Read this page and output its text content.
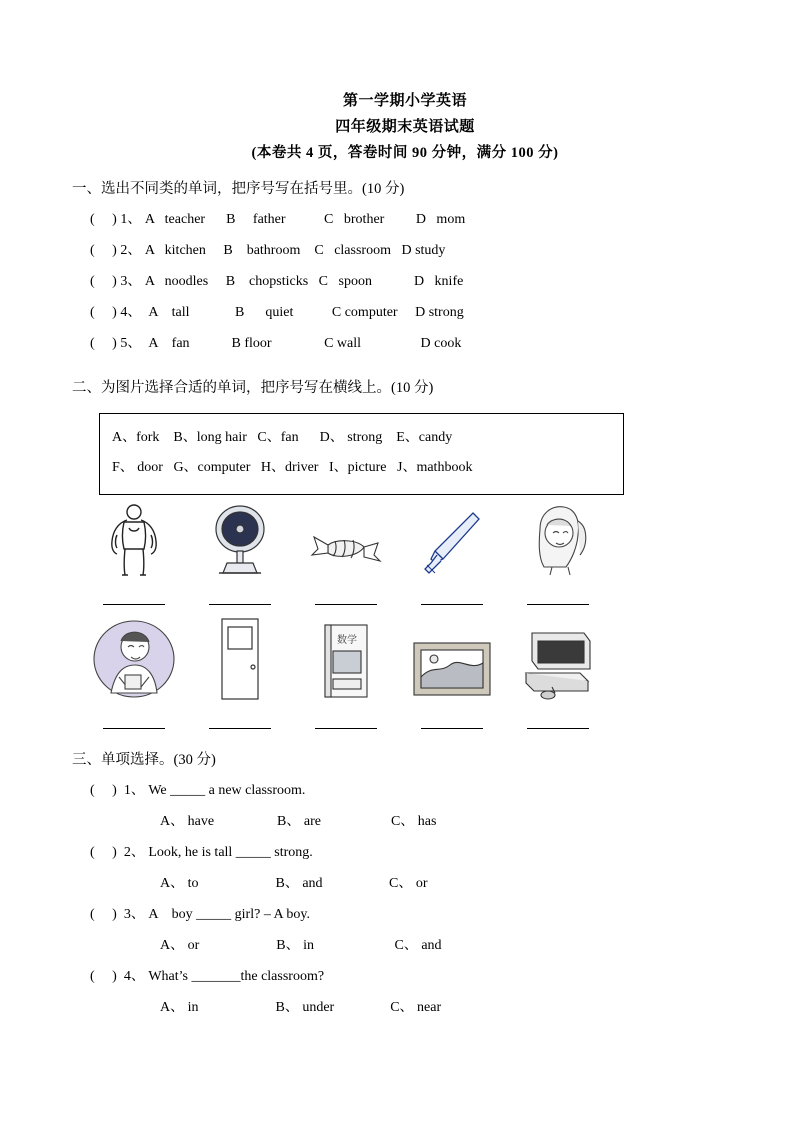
第一学期小学英语
四年级期末英语试题
(本卷共 4 页，答卷时间 90 分钟，满分 100 分)
一、选出不同类的单词，把序号写在括号里。(10 分)
(     ) 1、 A   teacher      B     father           C   brother         D   mom
(     ) 2、 A   kitchen     B    bathroom    C   classroom   D study
(     ) 3、 A   noodles     B    chopsticks   C   spoon            D   knife
(     ) 4、  A    tall             B      quiet           C computer     D strong
(     ) 5、  A    fan            B floor               C wall                 D cook
二、为图片选择合适的单词，把序号写在横线上。(10 分)
A、fork    B、long hair   C、fan      D、 strong    E、candy
F、 door   G、computer   H、driver   I、picture   J、mathbook
数学
三、单项选择。(30 分)
(     )  1、 We _____ a new classroom.
A、 have                  B、 are                    C、 has
(     )  2、 Look, he is tall _____ strong.
A、 to                      B、 and                   C、 or
(     )  3、 A    boy _____ girl? – A boy.
A、 or                      B、 in                       C、 and
(     )  4、 What’s _______the classroom?
A、 in                      B、 under                C、 near
